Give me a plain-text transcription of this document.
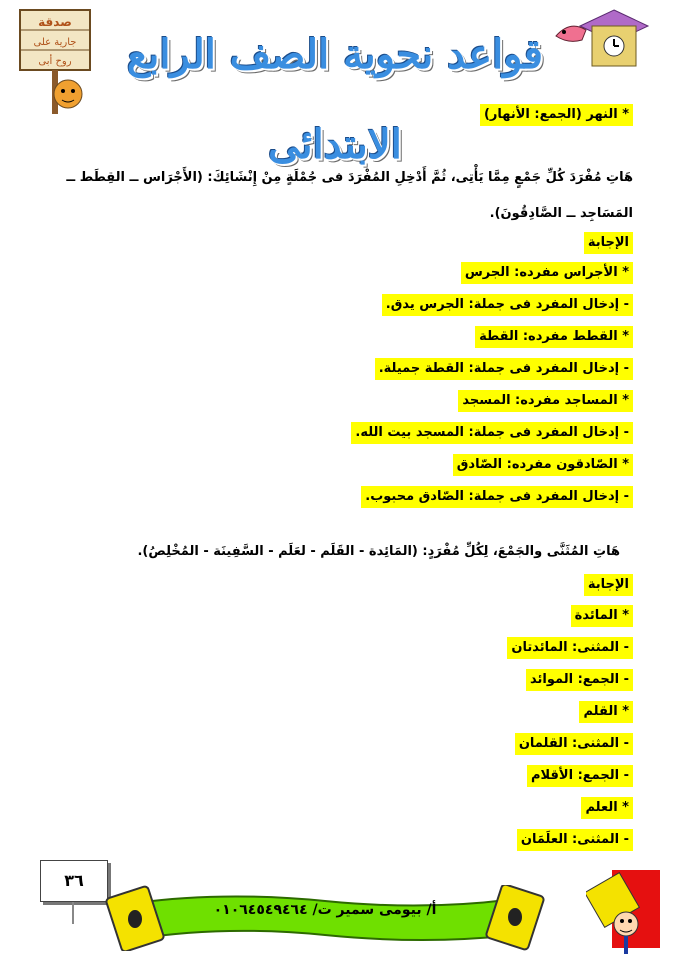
صدقة
جارية على
روح أبى قواعد نحوية الصف الرابع الابتدائى
* النهر (الجمع: الأنهار)
هَاتِ مُفْرَدَ كُلِّ جَمْعٍ مِمَّا يَأْتِى، ثُمَّ أَدْخِلِ المُفْرَدَ فى جُمْلَةٍ مِنْ إِنْشَائِكَ: (الأَجْرَاس ــ القِطَط ــ المَسَاجِد ــ الصَّادِقُونَ).
الإجابة
* الأجراس مفرده: الجرس
- إدخال المفرد فى جملة: الجرس يدق.
* القطط مفرده: القطة
- إدخال المفرد فى جملة: القطة جميلة.
* المساجد مفرده: المسجد
- إدخال المفرد فى جملة: المسجد بيت الله.
* الصّادقون مفرده: الصّادق
- إدخال المفرد فى جملة: الصّادق محبوب.
هَاتِ المُثَنَّى والجَمْعَ، لِكُلِّ مُفْرَدٍ: (المَائِدة - القَلَم - لعَلَم - السَّفِينَة - المُخْلِصُ).
الإجابة
* المائدة
- المثنى: المائدتان
- الجمع: الموائد
* القلم
- المثنى: القلمان
- الجمع: الأقلام
* العلم
- المثنى: العلَمَان
٣٦
أ/ بيومى سمير ت/ ٠١٠٦٤٥٤٩٤٦٤
